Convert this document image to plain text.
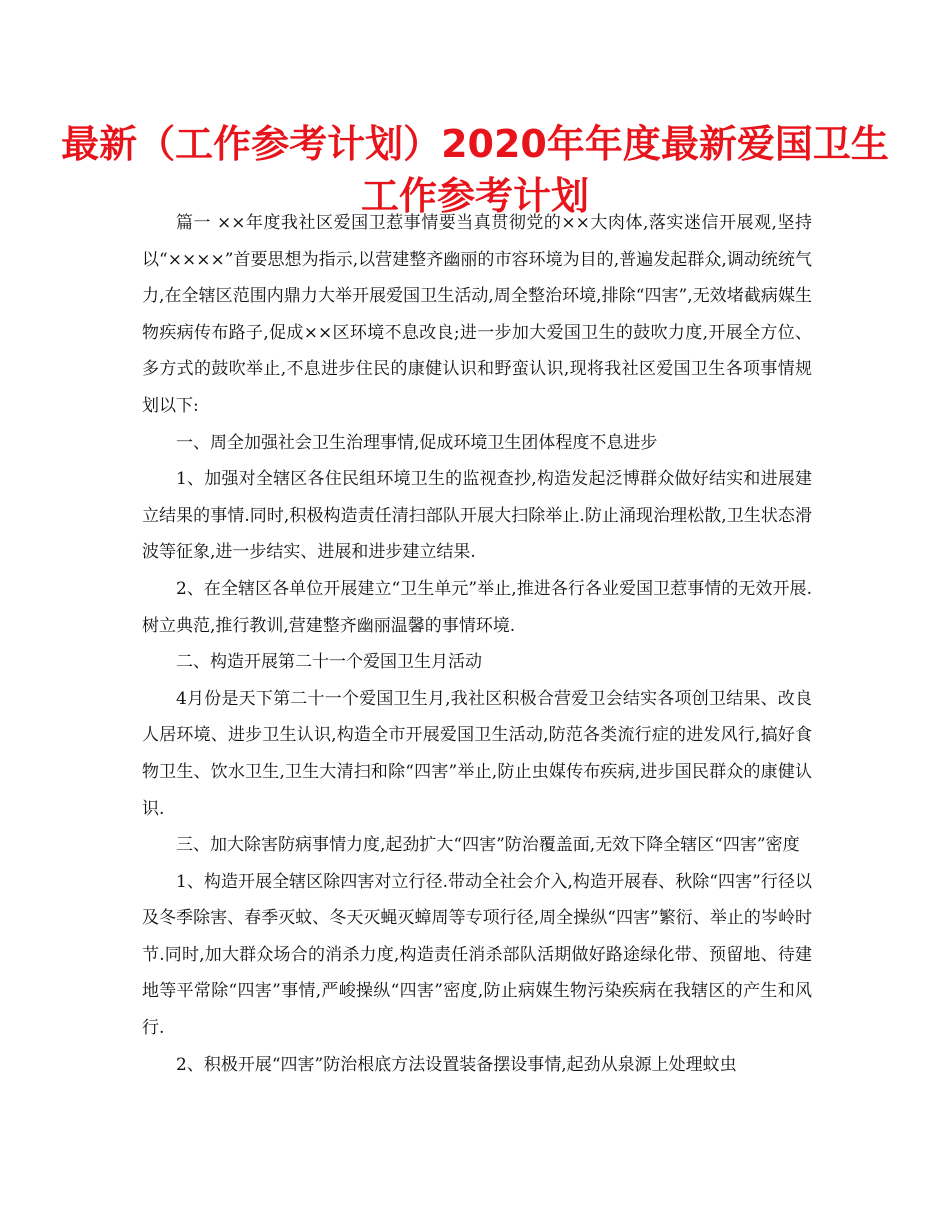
最新（工作参考计划）2020年年度最新爱国卫生工作参考计划

篇一 ××年度我社区爱国卫惹事情要当真贯彻党的××大肉体,落实迷信开展观,坚持以“××××”首要思想为指示,以营建整齐幽丽的市容环境为目的,普遍发起群众,调动统统气力,在全辖区范围内鼎力大举开展爱国卫生活动,周全整治环境,排除“四害”,无效堵截病媒生物疾病传布路子,促成××区环境不息改良;进一步加大爱国卫生的鼓吹力度,开展全方位、多方式的鼓吹举止,不息进步住民的康健认识和野蛮认识,现将我社区爱国卫生各项事情规划以下:

一、周全加强社会卫生治理事情,促成环境卫生团体程度不息进步

1、加强对全辖区各住民组环境卫生的监视查抄,构造发起泛博群众做好结实和进展建立结果的事情.同时,积极构造责任清扫部队开展大扫除举止.防止涌现治理松散,卫生状态滑波等征象,进一步结实、进展和进步建立结果.

2、在全辖区各单位开展建立“卫生单元”举止,推进各行各业爱国卫惹事情的无效开展.树立典范,推行教训,营建整齐幽丽温馨的事情环境.

二、构造开展第二十一个爱国卫生月活动

4月份是天下第二十一个爱国卫生月,我社区积极合营爱卫会结实各项创卫结果、改良人居环境、进步卫生认识,构造全市开展爱国卫生活动,防范各类流行症的进发风行,搞好食物卫生、饮水卫生,卫生大清扫和除“四害”举止,防止虫媒传布疾病,进步国民群众的康健认识.

三、加大除害防病事情力度,起劲扩大“四害”防治覆盖面,无效下降全辖区“四害”密度

1、构造开展全辖区除四害对立行径.带动全社会介入,构造开展春、秋除“四害”行径以及冬季除害、春季灭蚊、冬天灭蝇灭蟑周等专项行径,周全操纵“四害”繁衍、举止的岑岭时节.同时,加大群众场合的消杀力度,构造责任消杀部队活期做好路途绿化带、预留地、待建地等平常除“四害”事情,严峻操纵“四害”密度,防止病媒生物污染疾病在我辖区的产生和风行.

2、积极开展“四害”防治根底方法设置装备摆设事情,起劲从泉源上处理蚊虫
